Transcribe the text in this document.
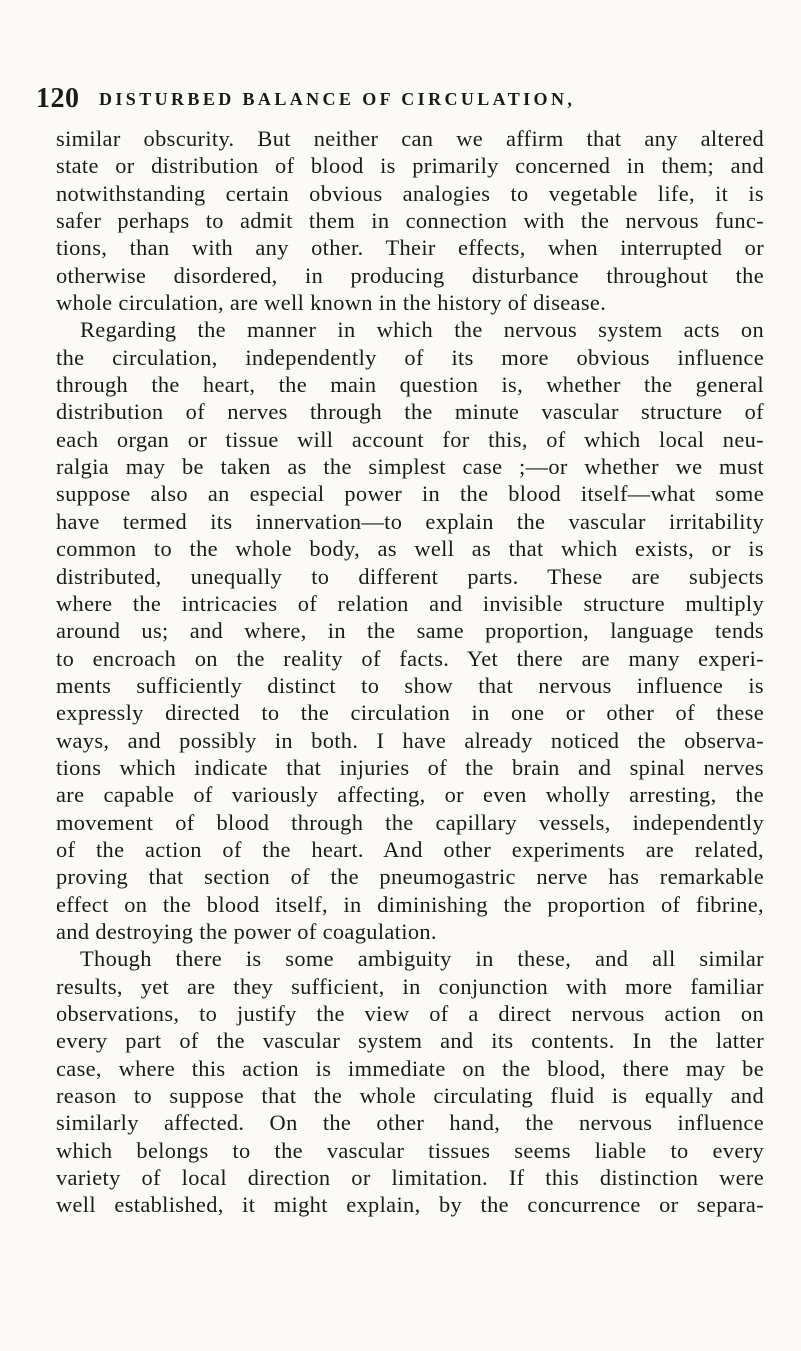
120 DISTURBED BALANCE OF CIRCULATION,
similar obscurity. But neither can we affirm that any altered
state or distribution of blood is primarily concerned in them; and
notwithstanding certain obvious analogies to vegetable life, it is
safer perhaps to admit them in connection with the nervous func-
tions, than with any other. Their effects, when interrupted or
otherwise disordered, in producing disturbance throughout the
whole circulation, are well known in the history of disease.
Regarding the manner in which the nervous system acts on
the circulation, independently of its more obvious influence
through the heart, the main question is, whether the general
distribution of nerves through the minute vascular structure of
each organ or tissue will account for this, of which local neu-
ralgia may be taken as the simplest case ;—or whether we must
suppose also an especial power in the blood itself—what some
have termed its innervation—to explain the vascular irritability
common to the whole body, as well as that which exists, or is
distributed, unequally to different parts. These are subjects
where the intricacies of relation and invisible structure multiply
around us; and where, in the same proportion, language tends
to encroach on the reality of facts. Yet there are many experi-
ments sufficiently distinct to show that nervous influence is
expressly directed to the circulation in one or other of these
ways, and possibly in both. I have already noticed the observa-
tions which indicate that injuries of the brain and spinal nerves
are capable of variously affecting, or even wholly arresting, the
movement of blood through the capillary vessels, independently
of the action of the heart. And other experiments are related,
proving that section of the pneumogastric nerve has remarkable
effect on the blood itself, in diminishing the proportion of fibrine,
and destroying the power of coagulation.
Though there is some ambiguity in these, and all similar
results, yet are they sufficient, in conjunction with more familiar
observations, to justify the view of a direct nervous action on
every part of the vascular system and its contents. In the latter
case, where this action is immediate on the blood, there may be
reason to suppose that the whole circulating fluid is equally and
similarly affected. On the other hand, the nervous influence
which belongs to the vascular tissues seems liable to every
variety of local direction or limitation. If this distinction were
well established, it might explain, by the concurrence or separa-
